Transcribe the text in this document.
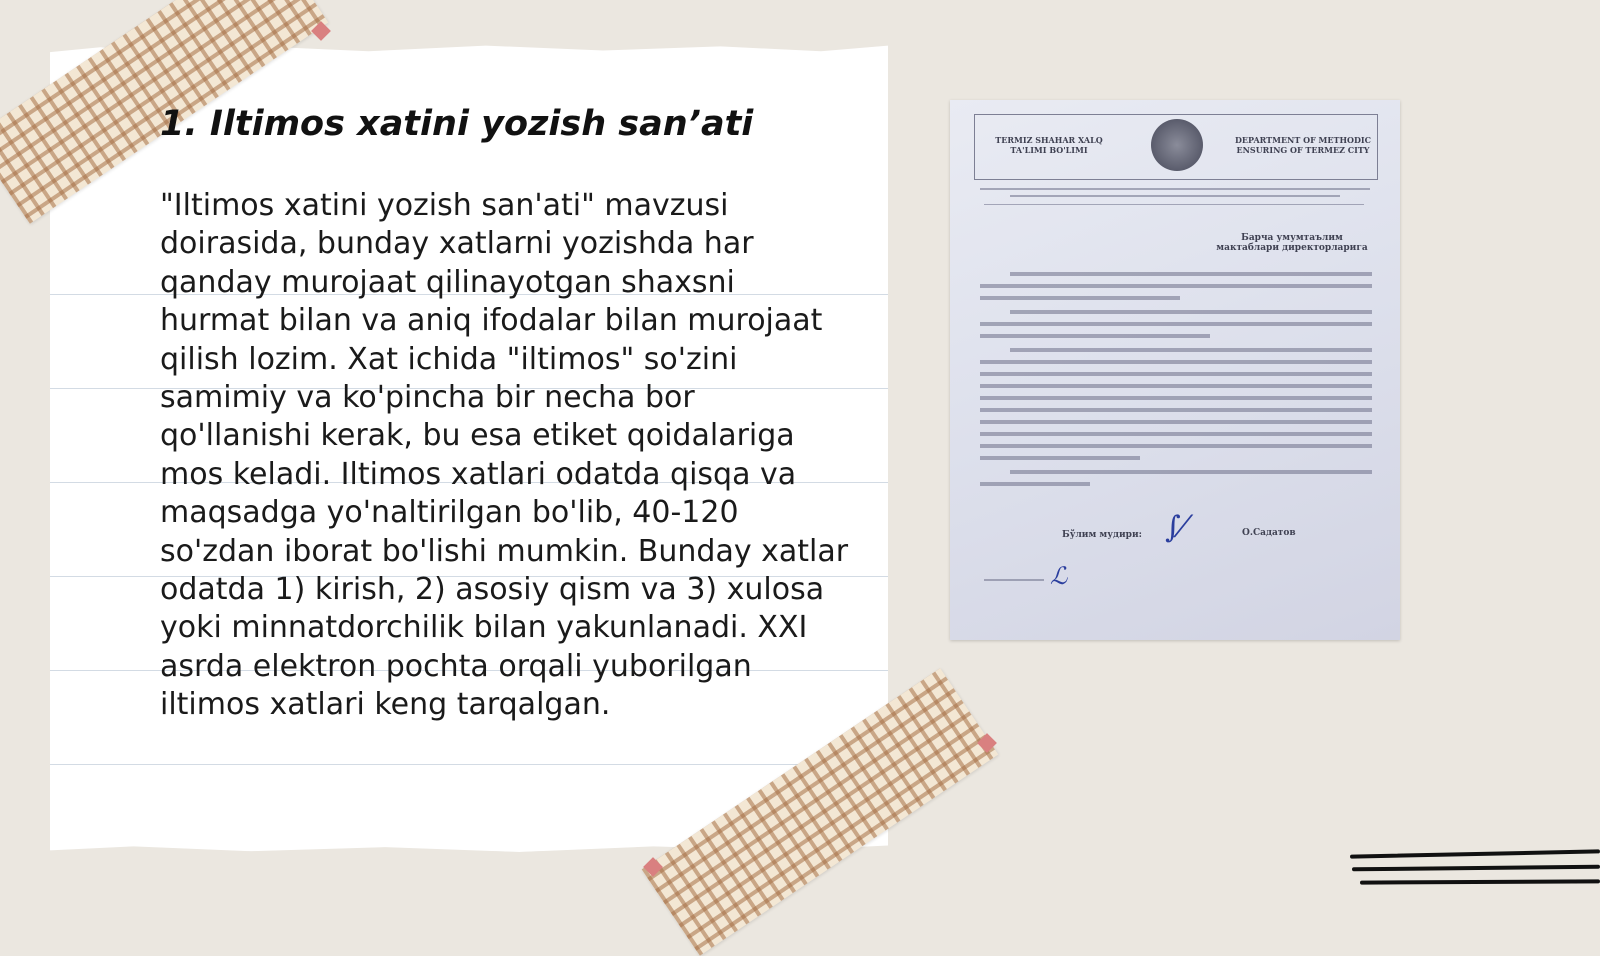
1. Iltimos xatini yozish san’ati
"Iltimos xatini yozish san'ati" mavzusi doirasida, bunday xatlarni yozishda har qanday murojaat qilinayotgan shaxsni hurmat bilan va aniq ifodalar bilan murojaat qilish lozim. Xat ichida "iltimos" so'zini samimiy va ko'pincha bir necha bor qo'llanishi kerak, bu esa etiket qoidalariga mos keladi. Iltimos xatlari odatda qisqa va maqsadga yo'naltirilgan bo'lib, 40-120 so'zdan iborat bo'lishi mumkin. Bunday xatlar odatda 1) kirish, 2) asosiy qism va 3) xulosa yoki minnatdorchilik bilan yakunlanadi. XXI asrda elektron pochta orqali yuborilgan iltimos xatlari keng tarqalgan.
TERMIZ SHAHAR XALQ TA'LIMI BO'LIMI
DEPARTMENT OF METHODIC ENSURING OF TERMEZ CITY
Барча умумтаълим мактаблари директорларига
Бўлим мудири: ∫⁄	О.Садатов
ℒ
